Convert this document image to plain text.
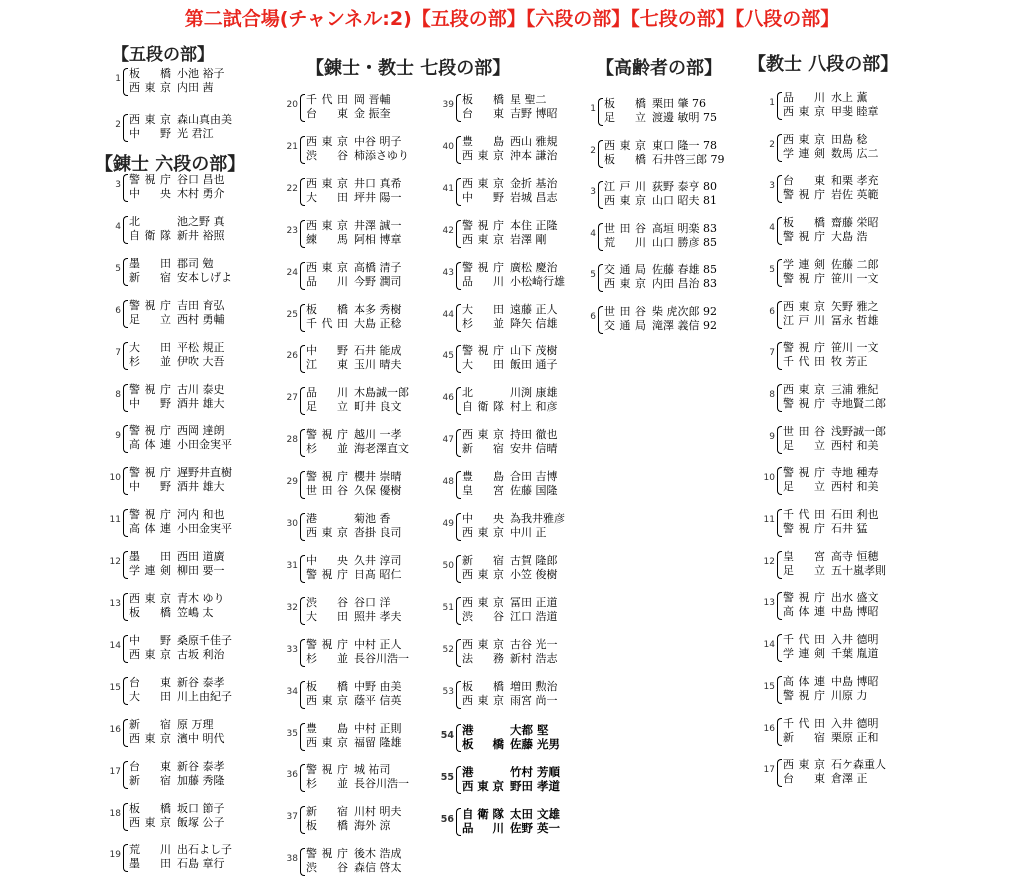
第二試合場(チャンネル:2)【五段の部】【六段の部】【七段の部】【八段の部】
【五段の部】
【錬士 六段の部】
【錬士・教士 七段の部】	【高齢者の部】 【教士 八段の部】
1 板橋 小池 裕子
西東京 内田 茜
2 西東京 森山真由美
中野 光 君江
3 警視庁 谷口 昌也
中央 木村 勇介
4 北	池之野 真
自衛隊 新井 裕照
5 墨田 郡司 勉
新宿 安本しげよ
6 警視庁 吉田 育弘
足立 西村 勇輔
7 大田 平松 規正
杉並 伊吹 大吾
8 警視庁 古川 泰史
中野 酒井 雄大
9 警視庁 西岡 達朗
高体連 小田金実平
10 警視庁 遅野井直樹
中野 酒井 雄大
11 警視庁 河内 和也
高体連 小田金実平
12 墨田 西田 道廣
学連剣 柳田 要一
13 西東京 青木 ゆり
板橋 笠嶋 太
14 中野 桑原千佳子
西東京 古坂 利治
15 台東 新谷 泰孝
大田 川上由紀子
16 新宿 原 万理
西東京 濱中 明代
17 台東 新谷 泰孝
新宿 加藤 秀隆
18 板橋 坂口 節子
西東京 飯塚 公子
19 荒川 出石よし子
墨田 石島 章行
20 千代田 岡 晋輔
台東 金 振奎
21 西東京 中谷 明子
渋谷 柿添さゆり
22 西東京 井口 真希
大田 坪井 陽一
23 西東京 井澤 誠一
練馬 阿相 博章
24 西東京 高橋 清子
品川 今野 潤司
25 板橋 本多 秀樹
千代田 大島 正稔
26 中野 石井 能成
江東 玉川 晴夫
27 品川 木島誠一郎
足立 町井 良文
28 警視庁 越川 一孝
杉並 海老澤直文
29 警視庁 櫻井 崇晴
世田谷 久保 優樹
30 港	菊池 香
西東京 沓掛 良司
31 中央 久井 淳司
警視庁 日髙 昭仁
32 渋谷 谷口 洋
大田 照井 孝夫
33 警視庁 中村 正人
杉並 長谷川浩一
34 板橋 中野 由美
西東京 蔭平 信英
35 豊島 中村 正則
西東京 福留 隆雄
36 警視庁 城 祐司
杉並 長谷川浩一
37 新宿 川村 明夫
板橋 海外 涼
38 警視庁 後木 浩成
渋谷 森信 啓太
39 板橋 星 聖二
台東 吉野 博昭
40 豊島 西山 雅規
西東京 沖本 謙治
41 西東京 金折 基治
中野 岩城 昌志
42 警視庁 本住 正隆
西東京 岩澤 剛
43 警視庁 廣松 慶治
品川 小松崎行雄
44 大田 遠藤 正人
杉並 降矢 信雄
45 警視庁 山下 茂樹
大田 飯田 通子
46 北	川渕 康雄
自衛隊 村上 和彦
47 西東京 持田 徹也
新宿 安井 信晴
48 豊島 合田 吉博
皇宮 佐藤 国隆
49 中央 為我井雅彦
西東京 中川 正
50 新宿 古賀 隆郎
西東京 小笠 俊樹
51 西東京 冨田 正道
渋谷 江口 浩道
52 西東京 古谷 光一
法務 新村 浩志
53 板橋 増田 勲治
西東京 雨宮 尚一
54 港	大都 堅
板橋 佐藤 光男
55 港	竹村 芳順
西東京 野田 孝道
56 自衛隊 太田 文雄
品川 佐野 英一
1 板橋 栗田 肇 76
足立 渡邊 敏明 75
2 西東京 東口 隆一 78
板橋 石井啓三郎 79
3 江戸川 荻野 泰亨 80
西東京 山口 昭夫 81
4 世田谷 高垣 明楽 83
荒川 山口 勝彦 85
5 交通局 佐藤 春雄 85
西東京 内田 昌治 83
6 世田谷 柴 虎次郎 92
交通局 滝澤 義信 92
1 品川 水上 薫
西東京 甲斐 睦章
2 西東京 田島 稔
学連剣 数馬 広二
3 台東 和栗 孝充
警視庁 岩佐 英範
4 板橋 齋藤 栄昭
警視庁 大島 浩
5 学連剣 佐藤 二郎
警視庁 笹川 一文
6 西東京 矢野 雅之
江戸川 冨永 哲雄
7 警視庁 笹川 一文
千代田 牧 芳正
8 西東京 三浦 雅紀
警視庁 寺地賢二郎
9 世田谷 浅野誠一郎
足立 西村 和美
10 警視庁 寺地 種寿
足立 西村 和美
11 千代田 石田 利也
警視庁 石井 猛
12 皇宮 高寺 恒穂
足立 五十嵐孝則
13 警視庁 出水 盛文
高体連 中島 博昭
14 千代田 入井 德明
学連剣 千葉 胤道
15 高体連 中島 博昭
警視庁 川原 力
16 千代田 入井 德明
新宿 栗原 正和
17 西東京 石ケ森重人
台東 倉澤 正
